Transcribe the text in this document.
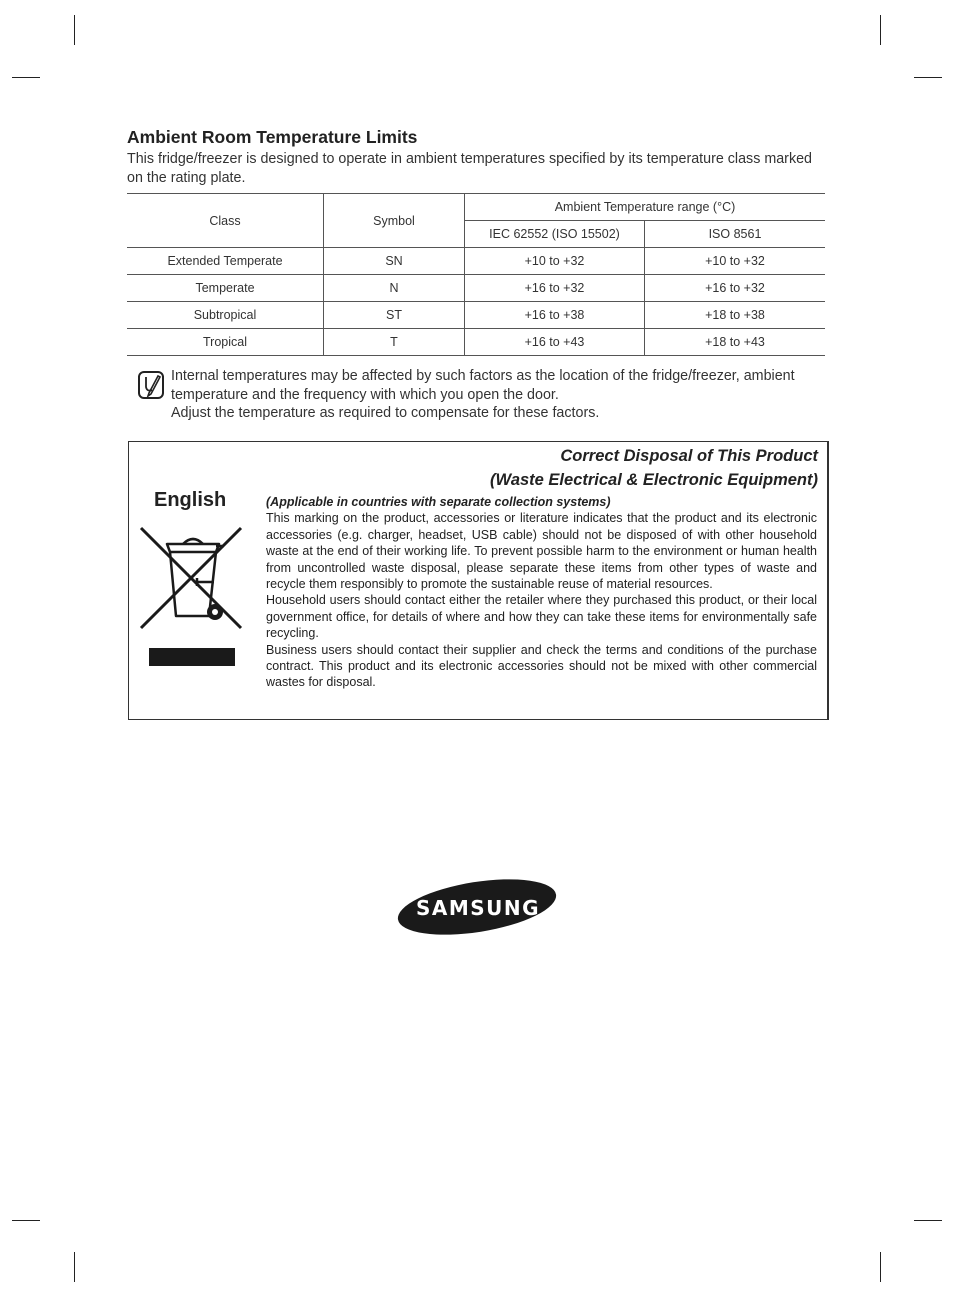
Ambient Room Temperature Limits
This fridge/freezer is designed to operate in ambient temperatures specified by its temperature class marked on the rating plate.
Class	Symbol	Ambient Temperature range (°C)	
		IEC 62552 (ISO 15502)	ISO 8561
Extended Temperate	SN	+10 to +32	+10 to +32
Temperate	N	+16 to +32	+16 to +32
Subtropical	ST	+16 to +38	+18 to +38
Tropical	T	+16 to +43	+18 to +43
Internal temperatures may be affected by such factors as the location of the fridge/freezer, ambient temperature and the frequency with which you open the door.
Adjust the temperature as required to compensate for these factors.
Correct Disposal of This Product
(Waste Electrical & Electronic Equipment)
English	(Applicable in countries with separate collection systems)

This marking on the product, accessories or literature indicates that the product and its electronic accessories (e.g. charger, headset, USB cable) should not be disposed of with other household waste at the end of their working life. To prevent possible harm to the environment or human health from uncontrolled waste disposal, please separate these items from other types of waste and recycle them responsibly to promote the sustainable reuse of material resources.

Household users should contact either the retailer where they purchased this product, or their local government office, for details of where and how they can take these items for environmentally safe recycling.

Business users should contact their supplier and check the terms and conditions of the purchase contract. This product and its electronic accessories should not be mixed with other commercial wastes for disposal.

SAMSUNG
